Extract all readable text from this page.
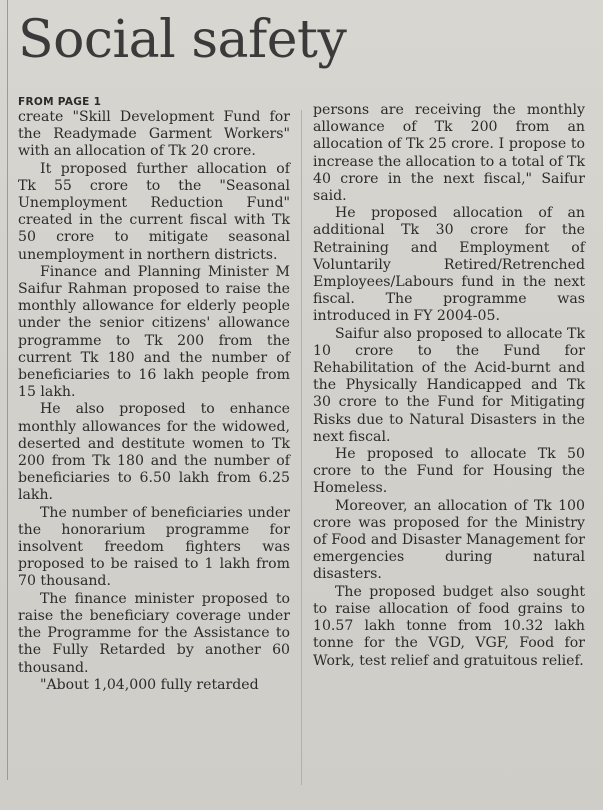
Social safety
FROM PAGE 1

create "Skill Development Fund for the Readymade Garment Workers" with an allocation of Tk 20 crore.

It proposed further allocation of Tk 55 crore to the "Seasonal Unemployment Reduction Fund" created in the current fiscal with Tk 50 crore to mitigate seasonal unemployment in northern districts.

Finance and Planning Minister M Saifur Rahman proposed to raise the monthly allowance for elderly people under the senior citizens' allowance programme to Tk 200 from the current Tk 180 and the number of beneficiaries to 16 lakh people from 15 lakh.

He also proposed to enhance monthly allowances for the widowed, deserted and destitute women to Tk 200 from Tk 180 and the number of beneficiaries to 6.50 lakh from 6.25 lakh.

The number of beneficiaries under the honorarium programme for insolvent freedom fighters was proposed to be raised to 1 lakh from 70 thousand.

The finance minister proposed to raise the beneficiary coverage under the Programme for the Assistance to the Fully Retarded by another 60 thousand.

"About 1,04,000 fully retarded

persons are receiving the monthly allowance of Tk 200 from an allocation of Tk 25 crore. I propose to increase the allocation to a total of Tk 40 crore in the next fiscal," Saifur said.

He proposed allocation of an additional Tk 30 crore for the Retraining and Employment of Voluntarily Retired/Retrenched Employees/Labours fund in the next fiscal. The programme was introduced in FY 2004-05.

Saifur also proposed to allocate Tk 10 crore to the Fund for Rehabilitation of the Acid-burnt and the Physically Handicapped and Tk 30 crore to the Fund for Mitigating Risks due to Natural Disasters in the next fiscal.

He proposed to allocate Tk 50 crore to the Fund for Housing the Homeless.

Moreover, an allocation of Tk 100 crore was proposed for the Ministry of Food and Disaster Management for emergencies during natural disasters.

The proposed budget also sought to raise allocation of food grains to 10.57 lakh tonne from 10.32 lakh tonne for the VGD, VGF, Food for Work, test relief and gratuitous relief.
